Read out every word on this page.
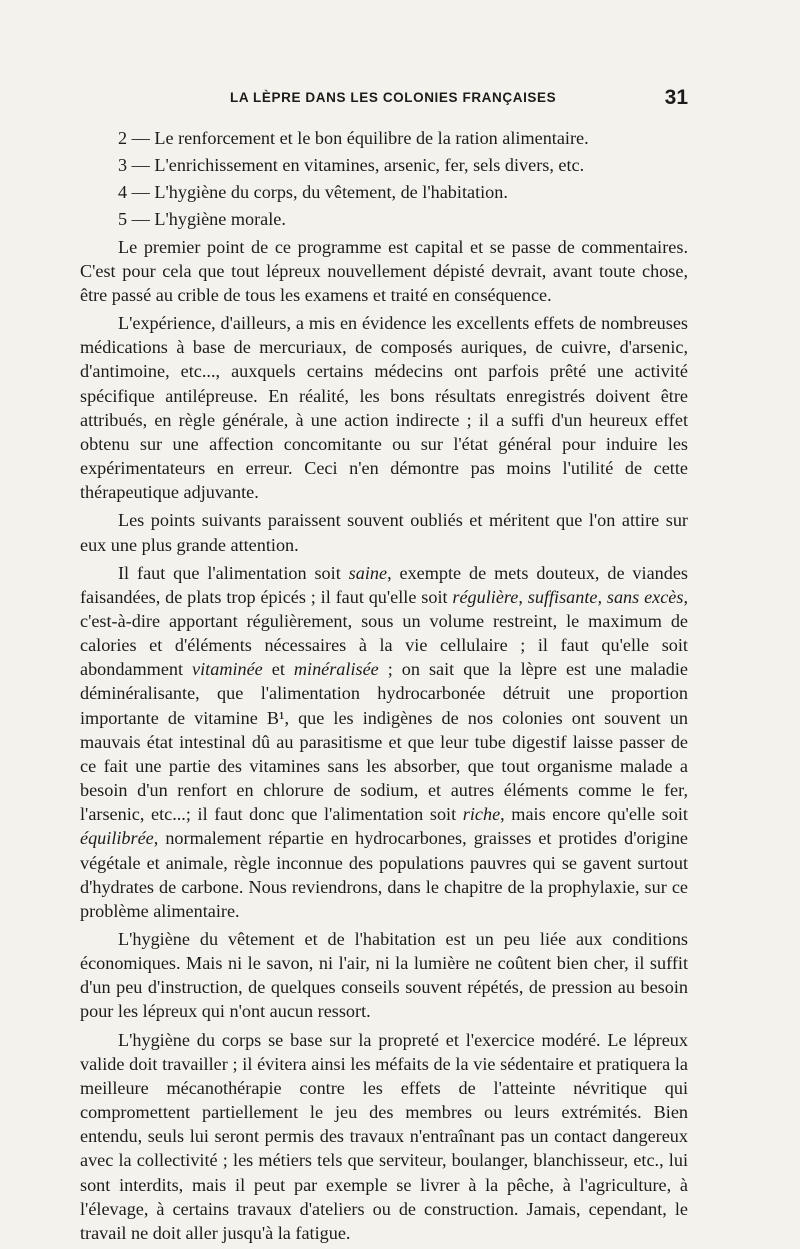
LA LÈPRE DANS LES COLONIES FRANÇAISES	31
2 — Le renforcement et le bon équilibre de la ration alimentaire.
3 — L'enrichissement en vitamines, arsenic, fer, sels divers, etc.
4 — L'hygiène du corps, du vêtement, de l'habitation.
5 — L'hygiène morale.

Le premier point de ce programme est capital et se passe de commentaires. C'est pour cela que tout lépreux nouvellement dépisté devrait, avant toute chose, être passé au crible de tous les examens et traité en conséquence.

L'expérience, d'ailleurs, a mis en évidence les excellents effets de nombreuses médications à base de mercuriaux, de composés auriques, de cuivre, d'arsenic, d'antimoine, etc..., auxquels certains médecins ont parfois prêté une activité spécifique antilépreuse. En réalité, les bons résultats enregistrés doivent être attribués, en règle générale, à une action indirecte ; il a suffi d'un heureux effet obtenu sur une affection concomitante ou sur l'état général pour induire les expérimentateurs en erreur. Ceci n'en démontre pas moins l'utilité de cette thérapeutique adjuvante.

Les points suivants paraissent souvent oubliés et méritent que l'on attire sur eux une plus grande attention.

Il faut que l'alimentation soit saine, exempte de mets douteux, de viandes faisandées, de plats trop épicés ; il faut qu'elle soit régulière, suffisante, sans excès, c'est-à-dire apportant régulièrement, sous un volume restreint, le maximum de calories et d'éléments nécessaires à la vie cellulaire ; il faut qu'elle soit abondamment vitaminée et minéralisée ; on sait que la lèpre est une maladie déminéralisante, que l'alimentation hydrocarbonée détruit une proportion importante de vitamine B¹, que les indigènes de nos colonies ont souvent un mauvais état intestinal dû au parasitisme et que leur tube digestif laisse passer de ce fait une partie des vitamines sans les absorber, que tout organisme malade a besoin d'un renfort en chlorure de sodium, et autres éléments comme le fer, l'arsenic, etc...; il faut donc que l'alimentation soit riche, mais encore qu'elle soit équilibrée, normalement répartie en hydrocarbones, graisses et protides d'origine végétale et animale, règle inconnue des populations pauvres qui se gavent surtout d'hydrates de carbone. Nous reviendrons, dans le chapitre de la prophylaxie, sur ce problème alimentaire.

L'hygiène du vêtement et de l'habitation est un peu liée aux conditions économiques. Mais ni le savon, ni l'air, ni la lumière ne coûtent bien cher, il suffit d'un peu d'instruction, de quelques conseils souvent répétés, de pression au besoin pour les lépreux qui n'ont aucun ressort.

L'hygiène du corps se base sur la propreté et l'exercice modéré. Le lépreux valide doit travailler ; il évitera ainsi les méfaits de la vie sédentaire et pratiquera la meilleure mécanothérapie contre les effets de l'atteinte névritique qui compromettent partiellement le jeu des membres ou leurs extrémités. Bien entendu, seuls lui seront permis des travaux n'entraînant pas un contact dangereux avec la collectivité ; les métiers tels que serviteur, boulanger, blanchisseur, etc., lui sont interdits, mais il peut par exemple se livrer à la pêche, à l'agriculture, à l'élevage, à certains travaux d'ateliers ou de construction. Jamais, cependant, le travail ne doit aller jusqu'à la fatigue.
